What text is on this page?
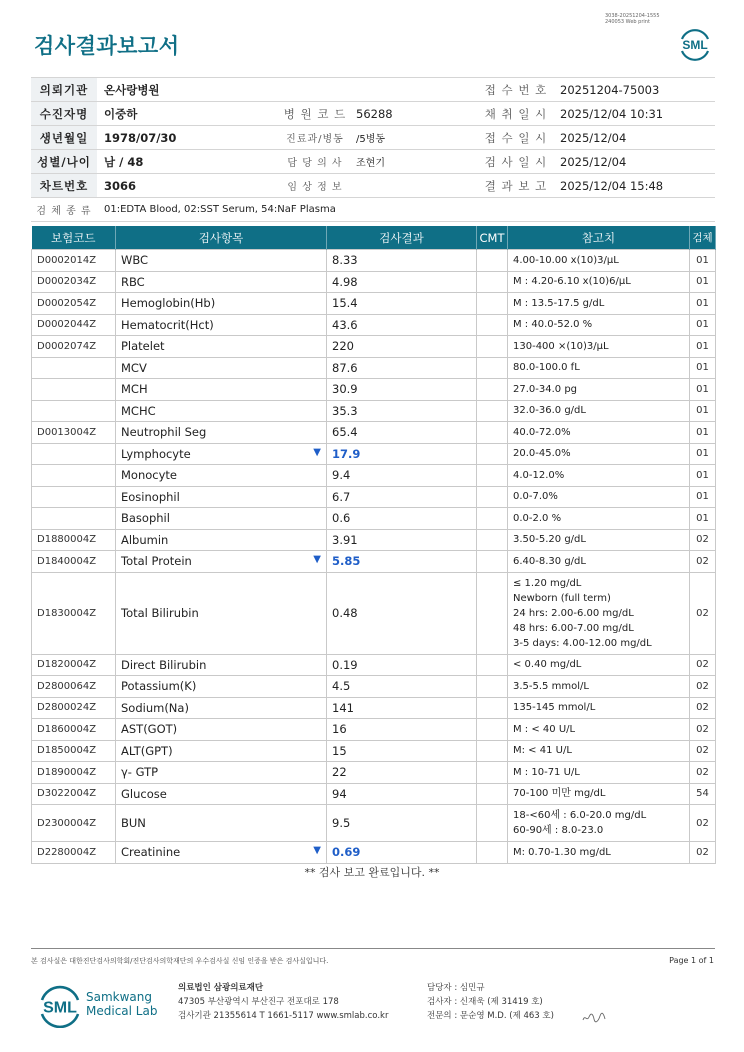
검사결과보고서
3038-20251204-1555
240053 Web print
SML
의뢰기관	온사랑병원			접 수 번 호	20251204-75003
수진자명	이중하	병 원 코 드	56288	채 취 일 시	2025/12/04 10:31
생년월일	1978/07/30	진료과/병동	/5병동	접 수 일 시	2025/12/04
성별/나이	남 / 48	담 당 의 사	조현기	검 사 일 시	2025/12/04
차트번호	3066	임 상 정 보		결 과 보 고	2025/12/04 15:48
검 체 종 류	01:EDTA Blood, 02:SST Serum, 54:NaF Plasma				
보험코드	검사항목	검사결과	CMT	참고치	검체
D0002014Z	WBC	8.33		4.00-10.00 x(10)3/μL	01
D0002034Z	RBC	4.98		M : 4.20-6.10 x(10)6/μL	01
D0002054Z	Hemoglobin(Hb)	15.4		M : 13.5-17.5 g/dL	01
D0002044Z	Hematocrit(Hct)	43.6		M : 40.0-52.0 %	01
D0002074Z	Platelet	220		130-400 ×(10)3/μL	01
	MCV	87.6		80.0-100.0 fL	01
	MCH	30.9		27.0-34.0 pg	01
	MCHC	35.3		32.0-36.0 g/dL	01
D0013004Z	Neutrophil Seg	65.4		40.0-72.0%	01
	Lymphocyte ▼	17.9		20.0-45.0%	01
	Monocyte	9.4		4.0-12.0%	01
	Eosinophil	6.7		0.0-7.0%	01
	Basophil	0.6		0.0-2.0 %	01
D1880004Z	Albumin	3.91		3.50-5.20 g/dL	02
D1840004Z	Total Protein ▼	5.85		6.40-8.30 g/dL	02
D1830004Z	Total Bilirubin	0.48		≤ 1.20 mg/dL
Newborn (full term)
24 hrs: 2.00-6.00 mg/dL
48 hrs: 6.00-7.00 mg/dL
3-5 days: 4.00-12.00 mg/dL	02
D1820004Z	Direct Bilirubin	0.19		< 0.40 mg/dL	02
D2800064Z	Potassium(K)	4.5		3.5-5.5 mmol/L	02
D2800024Z	Sodium(Na)	141		135-145 mmol/L	02
D1860004Z	AST(GOT)	16		M : < 40 U/L	02
D1850004Z	ALT(GPT)	15		M: < 41 U/L	02
D1890004Z	γ- GTP	22		M : 10-71 U/L	02
D3022004Z	Glucose	94		70-100 미만 mg/dL	54
D2300004Z	BUN	9.5		18-<60세 : 6.0-20.0 mg/dL
60-90세 : 8.0-23.0	02
D2280004Z	Creatinine ▼	0.69		M: 0.70-1.30 mg/dL	02
** 검사 보고 완료입니다. **
본 검사실은 대한진단검사의학회/진단검사의학재단의 우수검사실 신임 인증을 받은 검사실입니다.	Page 1 of 1
SML
Samkwang
Medical Lab
의료법인 삼광의료재단
47305 부산광역시 부산진구 전포대로 178
검사기관 21355614 T 1661-5117 www.smlab.co.kr
담당자 : 심민규
검사자 : 신재욱 (제 31419 호)
전문의 : 문순영 M.D. (제 463 호)
